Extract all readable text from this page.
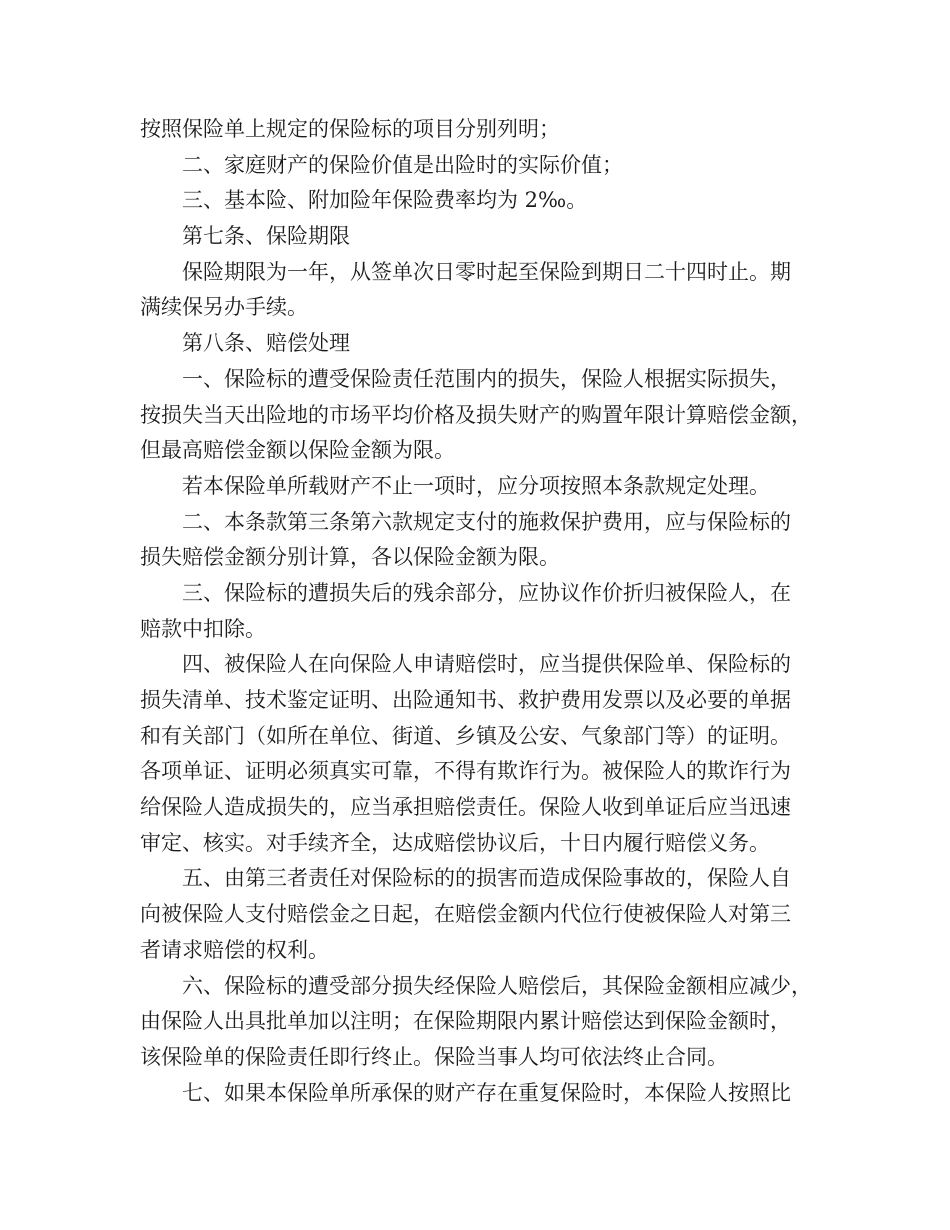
按照保险单上规定的保险标的项目分别列明；
二、家庭财产的保险价值是出险时的实际价值；
三、基本险、附加险年保险费率均为 2‰。
第七条、保险期限
保险期限为一年，从签单次日零时起至保险到期日二十四时止。期
满续保另办手续。
第八条、赔偿处理
一、保险标的遭受保险责任范围内的损失，保险人根据实际损失，
按损失当天出险地的市场平均价格及损失财产的购置年限计算赔偿金额，
但最高赔偿金额以保险金额为限。
若本保险单所载财产不止一项时，应分项按照本条款规定处理。
二、本条款第三条第六款规定支付的施救保护费用，应与保险标的
损失赔偿金额分别计算，各以保险金额为限。
三、保险标的遭损失后的残余部分，应协议作价折归被保险人，在
赔款中扣除。
四、被保险人在向保险人申请赔偿时，应当提供保险单、保险标的
损失清单、技术鉴定证明、出险通知书、救护费用发票以及必要的单据
和有关部门（如所在单位、街道、乡镇及公安、气象部门等）的证明。
各项单证、证明必须真实可靠，不得有欺诈行为。被保险人的欺诈行为
给保险人造成损失的，应当承担赔偿责任。保险人收到单证后应当迅速
审定、核实。对手续齐全，达成赔偿协议后，十日内履行赔偿义务。
五、由第三者责任对保险标的的损害而造成保险事故的，保险人自
向被保险人支付赔偿金之日起，在赔偿金额内代位行使被保险人对第三
者请求赔偿的权利。
六、保险标的遭受部分损失经保险人赔偿后，其保险金额相应减少，
由保险人出具批单加以注明；在保险期限内累计赔偿达到保险金额时，
该保险单的保险责任即行终止。保险当事人均可依法终止合同。
七、如果本保险单所承保的财产存在重复保险时，本保险人按照比
